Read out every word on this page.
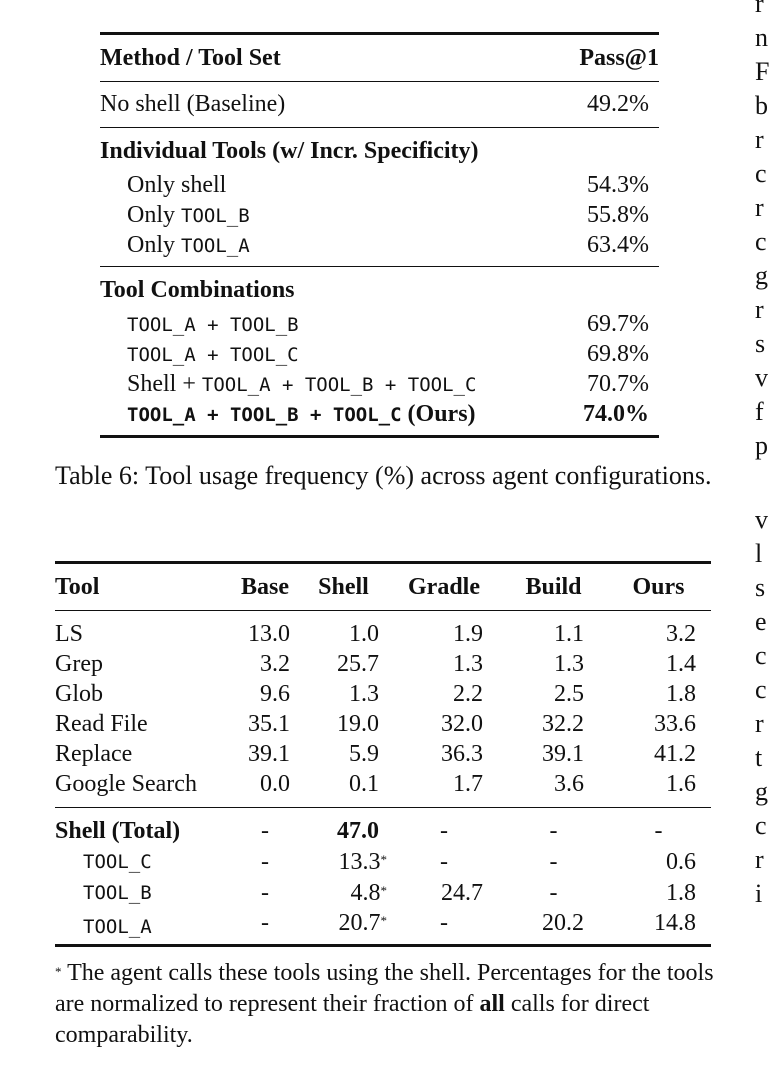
Method / Tool Set	Pass@1
No shell (Baseline)	49.2%
Individual Tools (w/ Incr. Specificity)
Only shell	54.3%
Only TOOL_B	55.8%
Only TOOL_A	63.4%
Tool Combinations
TOOL_A + TOOL_B	69.7%
TOOL_A + TOOL_C	69.8%
Shell + TOOL_A + TOOL_B + TOOL_C	70.7%
TOOL_A + TOOL_B + TOOL_C (Ours)	74.0%
Table 6: Tool usage frequency (%) across agent configurations.
Tool	Base	Shell	Gradle	Build	Ours
LS	13.0	1.0	1.9	1.1	3.2
Grep	3.2	25.7	1.3	1.3	1.4
Glob	9.6	1.3	2.2	2.5	1.8
Read File	35.1	19.0	32.0	32.2	33.6
Replace	39.1	5.9	36.3	39.1	41.2
Google Search	0.0	0.1	1.7	3.6	1.6
Shell (Total)	-	47.0	-	-	-
TOOL_C	-	13.3*	-	-	0.6
TOOL_B	-	4.8*	24.7	-	1.8
TOOL_A	-	20.7*	-	20.2	14.8
* The agent calls these tools using the shell. Percentages for the tools are normalized to represent their fraction of all calls for direct comparability.
r
n
F
b
r
c
r
c
g
r
s
v
f
p

v
l
s
e
c
c
r
t
g
c
r
i
